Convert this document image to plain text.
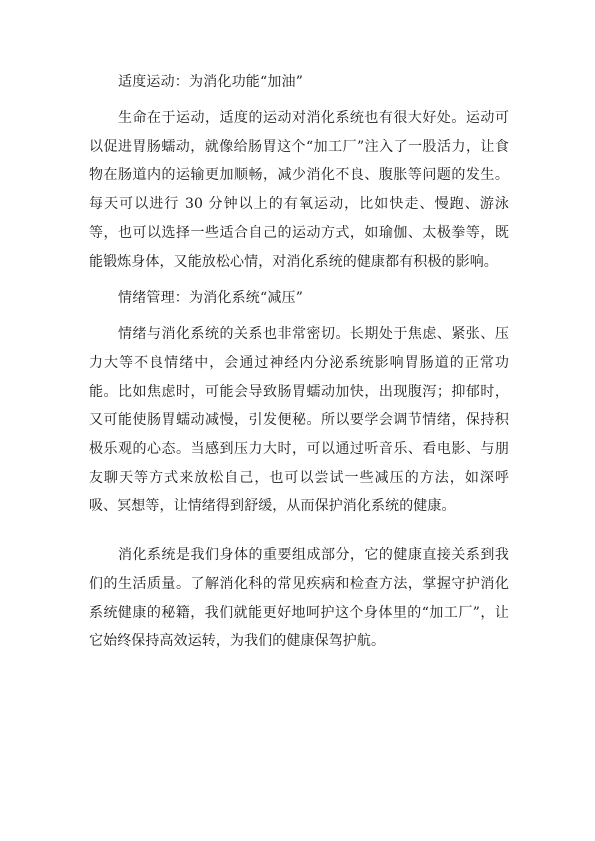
适度运动：为消化功能“加油”

生命在于运动，适度的运动对消化系统也有很大好处。运动可以促进胃肠蠕动，就像给肠胃这个“加工厂”注入了一股活力，让食物在肠道内的运输更加顺畅，减少消化不良、腹胀等问题的发生。每天可以进行 30 分钟以上的有氧运动，比如快走、慢跑、游泳等，也可以选择一些适合自己的运动方式，如瑜伽、太极拳等，既能锻炼身体，又能放松心情，对消化系统的健康都有积极的影响。

情绪管理：为消化系统“减压”

情绪与消化系统的关系也非常密切。长期处于焦虑、紧张、压力大等不良情绪中，会通过神经内分泌系统影响胃肠道的正常功能。比如焦虑时，可能会导致肠胃蠕动加快，出现腹泻；抑郁时，又可能使肠胃蠕动减慢，引发便秘。所以要学会调节情绪，保持积极乐观的心态。当感到压力大时，可以通过听音乐、看电影、与朋友聊天等方式来放松自己，也可以尝试一些减压的方法，如深呼吸、冥想等，让情绪得到舒缓，从而保护消化系统的健康。

消化系统是我们身体的重要组成部分，它的健康直接关系到我们的生活质量。了解消化科的常见疾病和检查方法，掌握守护消化系统健康的秘籍，我们就能更好地呵护这个身体里的“加工厂”，让它始终保持高效运转，为我们的健康保驾护航。
